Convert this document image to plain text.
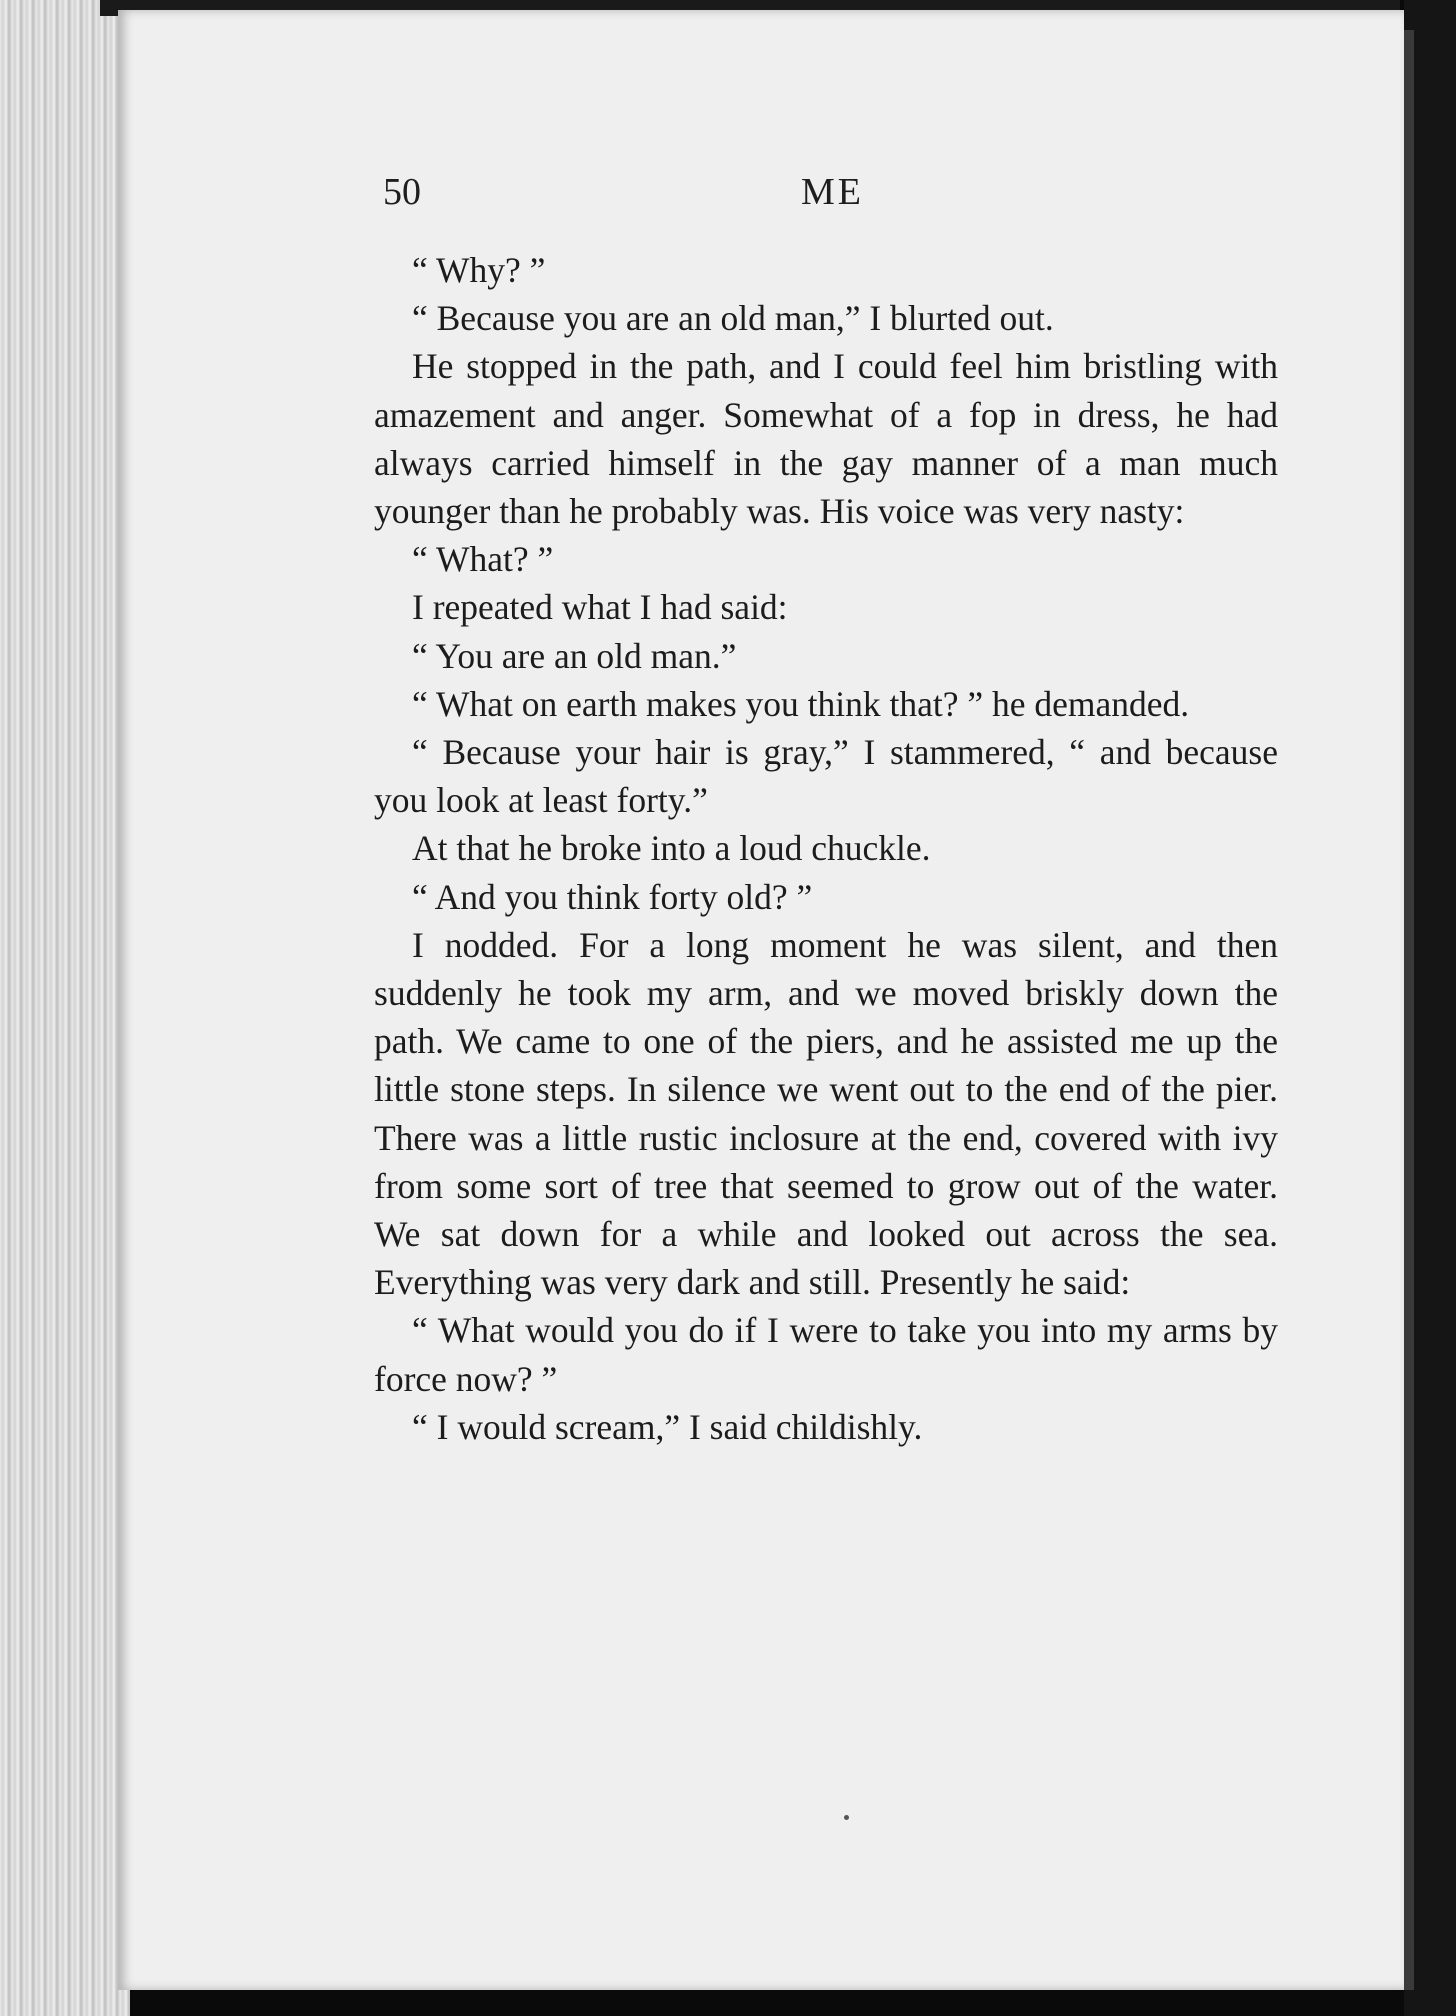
50	ME

“ Why? ”

“ Because you are an old man,” I blurted out.

He stopped in the path, and I could feel him bristling with amazement and anger. Somewhat of a fop in dress, he had always carried himself in the gay manner of a man much younger than he probably was. His voice was very nasty:

“ What? ”

I repeated what I had said:

“ You are an old man.”

“ What on earth makes you think that? ” he demanded.

“ Because your hair is gray,” I stammered, “ and because you look at least forty.”

At that he broke into a loud chuckle.

“ And you think forty old? ”

I nodded. For a long moment he was silent, and then suddenly he took my arm, and we moved briskly down the path. We came to one of the piers, and he assisted me up the little stone steps. In silence we went out to the end of the pier. There was a little rustic inclosure at the end, covered with ivy from some sort of tree that seemed to grow out of the water. We sat down for a while and looked out across the sea. Everything was very dark and still. Presently he said:

“ What would you do if I were to take you into my arms by force now? ”

“ I would scream,” I said childishly.
